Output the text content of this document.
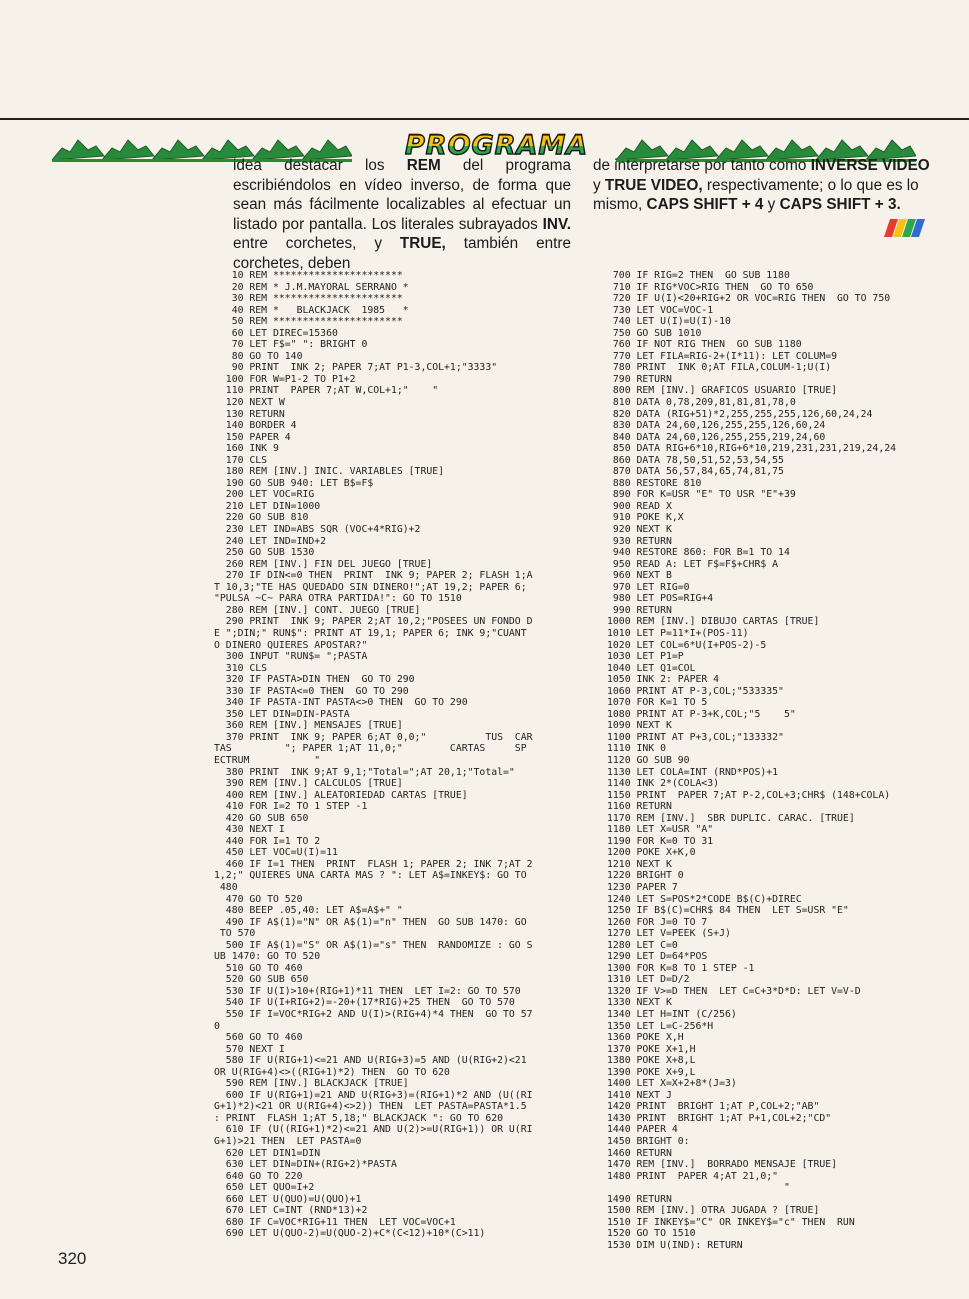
PROGRAMA
idea destacar los REM del programa escribiéndolos en vídeo inverso, de forma que sean más fácilmente localizables al efectuar un listado por pantalla. Los literales subrayados INV. entre corchetes, y TRUE, también entre corchetes, deben
de interpretarse por tanto como INVERSE VIDEO y TRUE VIDEO, respectivamente; o lo que es lo mismo, CAPS SHIFT + 4 y CAPS SHIFT + 3.
10 REM **********************
20 REM * J.M.MAYORAL SERRANO *
30 REM **********************
40 REM *   BLACKJACK  1985   *
50 REM **********************
60 LET DIREC=15360
70 LET F$=" ": BRIGHT 0
80 GO TO 140
90 PRINT  INK 2; PAPER 7;AT P1-3,COL+1;"3333"
100 FOR W=P1-2 TO P1+2
110 PRINT  PAPER 7;AT W,COL+1;"    "
120 NEXT W
130 RETURN
140 BORDER 4
150 PAPER 4
160 INK 9
170 CLS
180 REM [INV.] INIC. VARIABLES [TRUE]
190 GO SUB 940: LET B$=F$
200 LET VOC=RIG
210 LET DIN=1000
220 GO SUB 810
230 LET IND=ABS SQR (VOC+4*RIG)+2
240 LET IND=IND+2
250 GO SUB 1530
260 REM [INV.] FIN DEL JUEGO [TRUE]
270 IF DIN<=0 THEN  PRINT  INK 9; PAPER 2; FLASH 1;A
T 10,3;"TE HAS QUEDADO SIN DINERO!";AT 19,2; PAPER 6;
"PULSA ~C~ PARA OTRA PARTIDA!": GO TO 1510
280 REM [INV.] CONT. JUEGO [TRUE]
290 PRINT  INK 9; PAPER 2;AT 10,2;"POSEES UN FONDO D
E ";DIN;" RUN$": PRINT AT 19,1; PAPER 6; INK 9;"CUANT
O DINERO QUIERES APOSTAR?"
300 INPUT "RUN$= ";PASTA
310 CLS
320 IF PASTA>DIN THEN  GO TO 290
330 IF PASTA<=0 THEN  GO TO 290
340 IF PASTA-INT PASTA<>0 THEN  GO TO 290
350 LET DIN=DIN-PASTA
360 REM [INV.] MENSAJES [TRUE]
370 PRINT  INK 9; PAPER 6;AT 0,0;"          TUS  CAR
TAS         "; PAPER 1;AT 11,0;"        CARTAS     SP
ECTRUM           "
380 PRINT  INK 9;AT 9,1;"Total=";AT 20,1;"Total="
390 REM [INV.] CALCULOS [TRUE]
400 REM [INV.] ALEATORIEDAD CARTAS [TRUE]
410 FOR I=2 TO 1 STEP -1
420 GO SUB 650
430 NEXT I
440 FOR I=1 TO 2
450 LET VOC=U(I)=11
460 IF I=1 THEN  PRINT  FLASH 1; PAPER 2; INK 7;AT 2
1,2;" QUIERES UNA CARTA MAS ? ": LET A$=INKEY$: GO TO
480
470 GO TO 520
480 BEEP .05,40: LET A$=A$+" "
490 IF A$(1)="N" OR A$(1)="n" THEN  GO SUB 1470: GO
TO 570
500 IF A$(1)="S" OR A$(1)="s" THEN  RANDOMIZE : GO S
UB 1470: GO TO 520
510 GO TO 460
520 GO SUB 650
530 IF U(I)>10+(RIG+1)*11 THEN  LET I=2: GO TO 570
540 IF U(I+RIG+2)=-20+(17*RIG)+25 THEN  GO TO 570
550 IF I=VOC*RIG+2 AND U(I)>(RIG+4)*4 THEN  GO TO 57
0
560 GO TO 460
570 NEXT I
580 IF U(RIG+1)<=21 AND U(RIG+3)=5 AND (U(RIG+2)<21
OR U(RIG+4)<>((RIG+1)*2) THEN  GO TO 620
590 REM [INV.] BLACKJACK [TRUE]
600 IF U(RIG+1)=21 AND U(RIG+3)=(RIG+1)*2 AND (U((RI
G+1)*2)<21 OR U(RIG+4)<>2)) THEN  LET PASTA=PASTA*1.5
: PRINT  FLASH 1;AT 5,18;" BLACKJACK ": GO TO 620
610 IF (U((RIG+1)*2)<=21 AND U(2)>=U(RIG+1)) OR U(RI
G+1)>21 THEN  LET PASTA=0
620 LET DIN1=DIN
630 LET DIN=DIN+(RIG+2)*PASTA
640 GO TO 220
650 LET QUO=I+2
660 LET U(QUO)=U(QUO)+1
670 LET C=INT (RND*13)+2
680 IF C=VOC*RIG+11 THEN  LET VOC=VOC+1
690 LET U(QUO-2)=U(QUO-2)+C*(C<12)+10*(C>11)
700 IF RIG=2 THEN  GO SUB 1180
710 IF RIG*VOC>RIG THEN  GO TO 650
720 IF U(I)<20+RIG+2 OR VOC=RIG THEN  GO TO 750
730 LET VOC=VOC-1
740 LET U(I)=U(I)-10
750 GO SUB 1010
760 IF NOT RIG THEN  GO SUB 1180
770 LET FILA=RIG-2+(I*11): LET COLUM=9
780 PRINT  INK 0;AT FILA,COLUM-1;U(I)
790 RETURN
800 REM [INV.] GRAFICOS USUARIO [TRUE]
810 DATA 0,78,209,81,81,81,78,0
820 DATA (RIG+51)*2,255,255,255,126,60,24,24
830 DATA 24,60,126,255,255,126,60,24
840 DATA 24,60,126,255,255,219,24,60
850 DATA RIG+6*10,RIG+6*10,219,231,231,219,24,24
860 DATA 78,50,51,52,53,54,55
870 DATA 56,57,84,65,74,81,75
880 RESTORE 810
890 FOR K=USR "E" TO USR "E"+39
900 READ X
910 POKE K,X
920 NEXT K
930 RETURN
940 RESTORE 860: FOR B=1 TO 14
950 READ A: LET F$=F$+CHR$ A
960 NEXT B
970 LET RIG=0
980 LET POS=RIG+4
990 RETURN
1000 REM [INV.] DIBUJO CARTAS [TRUE]
1010 LET P=11*I+(POS-11)
1020 LET COL=6*U(I+POS-2)-5
1030 LET P1=P
1040 LET Q1=COL
1050 INK 2: PAPER 4
1060 PRINT AT P-3,COL;"533335"
1070 FOR K=1 TO 5
1080 PRINT AT P-3+K,COL;"5    5"
1090 NEXT K
1100 PRINT AT P+3,COL;"133332"
1110 INK 0
1120 GO SUB 90
1130 LET COLA=INT (RND*POS)+1
1140 INK 2*(COLA<3)
1150 PRINT  PAPER 7;AT P-2,COL+3;CHR$ (148+COLA)
1160 RETURN
1170 REM [INV.]  SBR DUPLIC. CARAC. [TRUE]
1180 LET X=USR "A"
1190 FOR K=0 TO 31
1200 POKE X+K,0
1210 NEXT K
1220 BRIGHT 0
1230 PAPER 7
1240 LET S=POS*2*CODE B$(C)+DIREC
1250 IF B$(C)=CHR$ 84 THEN  LET S=USR "E"
1260 FOR J=0 TO 7
1270 LET V=PEEK (S+J)
1280 LET C=0
1290 LET D=64*POS
1300 FOR K=8 TO 1 STEP -1
1310 LET D=D/2
1320 IF V>=D THEN  LET C=C+3*D*D: LET V=V-D
1330 NEXT K
1340 LET H=INT (C/256)
1350 LET L=C-256*H
1360 POKE X,H
1370 POKE X+1,H
1380 POKE X+8,L
1390 POKE X+9,L
1400 LET X=X+2+8*(J=3)
1410 NEXT J
1420 PRINT  BRIGHT 1;AT P,COL+2;"AB"
1430 PRINT  BRIGHT 1;AT P+1,COL+2;"CD"
1440 PAPER 4
1450 BRIGHT 0:
1460 RETURN
1470 REM [INV.]  BORRADO MENSAJE [TRUE]
1480 PRINT  PAPER 4;AT 21,0;"
"
1490 RETURN
1500 REM [INV.] OTRA JUGADA ? [TRUE]
1510 IF INKEY$="C" OR INKEY$="c" THEN  RUN
1520 GO TO 1510
1530 DIM U(IND): RETURN
320
